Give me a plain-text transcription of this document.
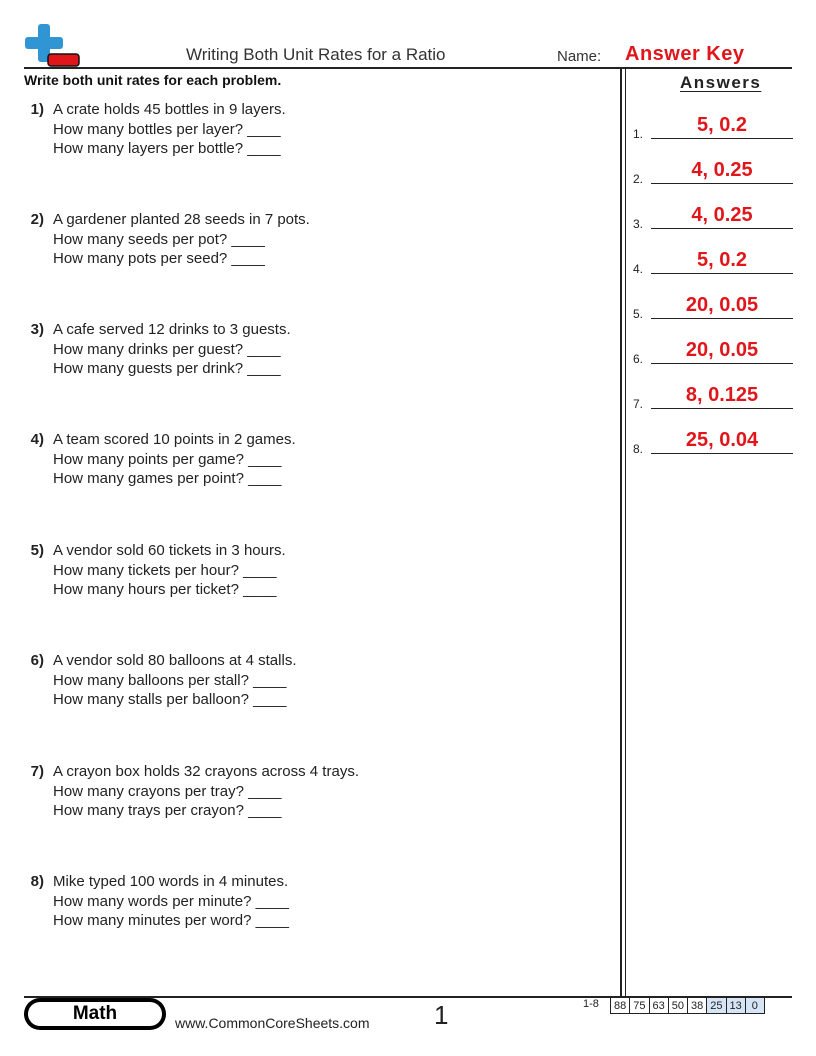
Writing Both Unit Rates for a Ratio	Name: Answer Key
Write both unit rates for each problem.	Answers
1) A crate holds 45 bottles in 9 layers.
How many bottles per layer? ____
How many layers per bottle? ____
2) A gardener planted 28 seeds in 7 pots.
How many seeds per pot? ____
How many pots per seed? ____
3) A cafe served 12 drinks to 3 guests.
How many drinks per guest? ____
How many guests per drink? ____
4) A team scored 10 points in 2 games.
How many points per game? ____
How many games per point? ____
5) A vendor sold 60 tickets in 3 hours.
How many tickets per hour? ____
How many hours per ticket? ____
6) A vendor sold 80 balloons at 4 stalls.
How many balloons per stall? ____
How many stalls per balloon? ____
7) A crayon box holds 32 crayons across 4 trays.
How many crayons per tray? ____
How many trays per crayon? ____
8) Mike typed 100 words in 4 minutes.
How many words per minute? ____
How many minutes per word? ____
1.	5, 0.2
2.	4, 0.25
3.	4, 0.25
4.	5, 0.2
5.	20, 0.05
6.	20, 0.05
7.	8, 0.125
8.	25, 0.04
Math	www.CommonCoreSheets.com 1	1-8 88	75	63	50	38	25	13	0
